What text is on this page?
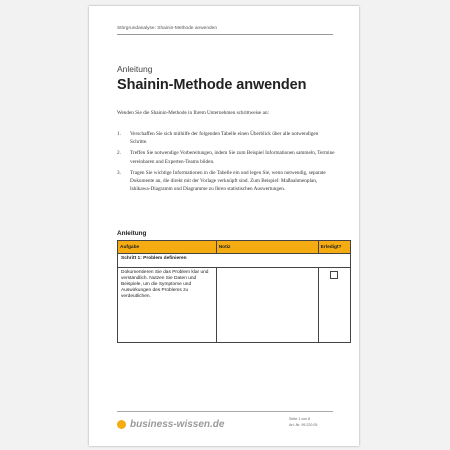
Störgrundanalyse: Shainin-Methode anwenden
Anleitung
Shainin-Methode anwenden
Wenden Sie die Shainin-Methode in Ihrem Unternehmen schrittweise an:
1.	Verschaffen Sie sich mithilfe der folgenden Tabelle einen Überblick über alle notwendigen Schritte.
2.	Treffen Sie notwendige Vorbereitungen, indem Sie zum Beispiel Informationen sammeln, Termine vereinbaren und Experten-Teams bilden.
3.	Tragen Sie wichtige Informationen in die Tabelle ein und legen Sie, wenn notwendig, separate Dokumente an, die direkt mit der Vorlage verknüpft sind. Zum Beispiel: Maßnahmenplan, Ishikawa-Diagramm und Diagramme zu Ihren statistischen Auswertungen.
Anleitung
Aufgabe	Notiz	Erledigt?
Schritt 1: Problem definieren		
Dokumentieren Sie das Problem klar und verständlich. Nutzen Sie Daten und Beispiele, um die Symptome und Auswirkungen des Problems zu verdeutlichen.		
business-wissen.de	Seite 1 von 8
Art.-Nr. 99.220.05
